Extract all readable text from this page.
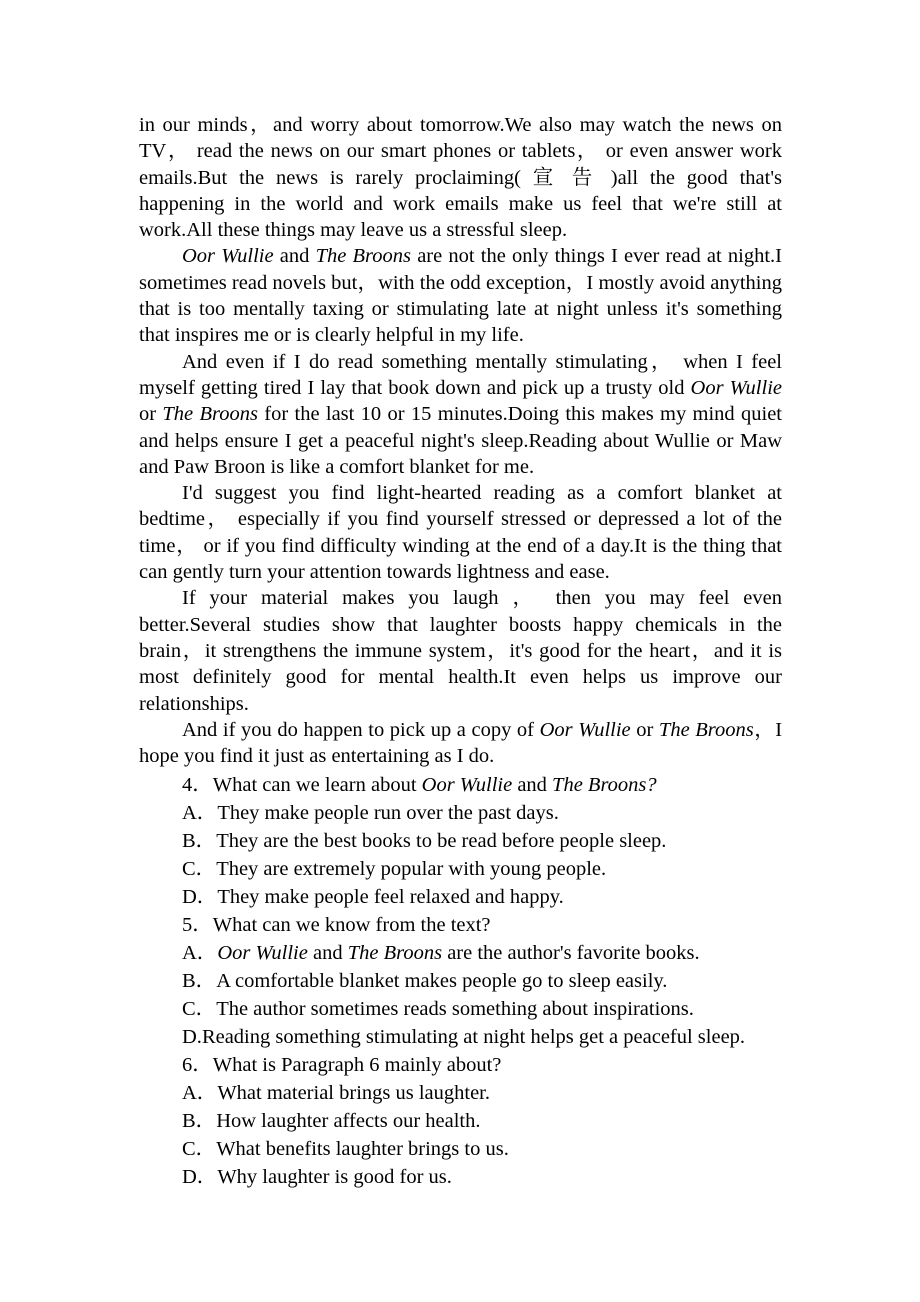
in our minds，and worry about tomorrow.We also may watch the news on TV， read the news on our smart phones or tablets， or even answer work emails.But the news is rarely proclaiming( 宣 告 )all the good that's happening in the world and work emails make us feel that we're still at work.All these things may leave us a stressful sleep.

Oor Wullie and The Broons are not the only things I ever read at night.I sometimes read novels but，with the odd exception，I mostly avoid anything that is too mentally taxing or stimulating late at night unless it's something that inspires me or is clearly helpful in my life.

And even if I do read something mentally stimulating， when I feel myself getting tired I lay that book down and pick up a trusty old Oor Wullie or The Broons for the last 10 or 15 minutes.Doing this makes my mind quiet and helps ensure I get a peaceful night's sleep.Reading about Wullie or Maw and Paw Broon is like a comfort blanket for me.

I'd suggest you find light-hearted reading as a comfort blanket at bedtime， especially if you find yourself stressed or depressed a lot of the time， or if you find difficulty winding at the end of a day.It is the thing that can gently turn your attention towards lightness and ease.

If your material makes you laugh ， then you may feel even better.Several studies show that laughter boosts happy chemicals in the brain，it strengthens the immune system，it's good for the heart，and it is most definitely good for mental health.It even helps us improve our relationships.

And if you do happen to pick up a copy of Oor Wullie or The Broons，I hope you find it just as entertaining as I do.

4．What can we learn about Oor Wullie and The Broons?

A．They make people run over the past days.

B．They are the best books to be read before people sleep.

C．They are extremely popular with young people.

D．They make people feel relaxed and happy.

5．What can we know from the text?

A．Oor Wullie and The Broons are the author's favorite books.

B．A comfortable blanket makes people go to sleep easily.

C．The author sometimes reads something about inspirations.

D.Reading something stimulating at night helps get a peaceful sleep.

6．What is Paragraph 6 mainly about?

A．What material brings us laughter.

B．How laughter affects our health.

C．What benefits laughter brings to us.

D．Why laughter is good for us.
